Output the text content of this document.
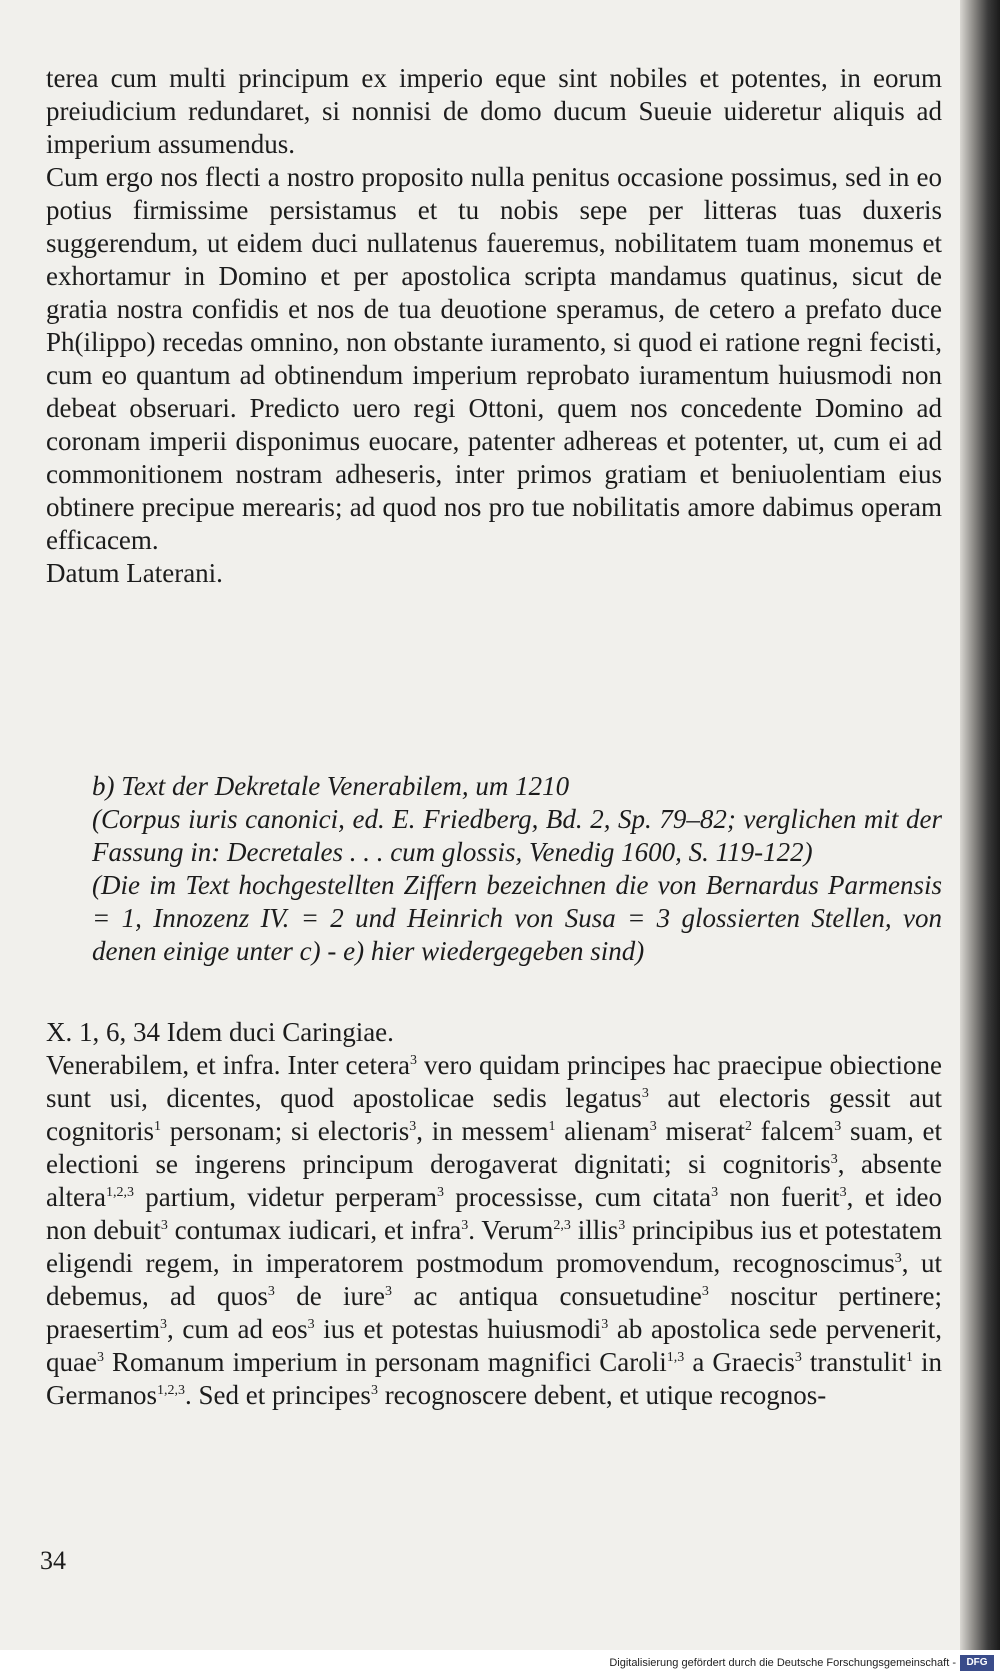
terea cum multi principum ex imperio eque sint nobiles et potentes, in eorum preiudicium redundaret, si nonnisi de domo ducum Sueuie uideretur aliquis ad imperium assumendus.

Cum ergo nos flecti a nostro proposito nulla penitus occasione possimus, sed in eo potius firmissime persistamus et tu nobis sepe per litteras tuas duxeris suggerendum, ut eidem duci nullatenus faueremus, nobilitatem tuam monemus et exhortamur in Domino et per apostolica scripta mandamus quatinus, sicut de gratia nostra confidis et nos de tua deuotione speramus, de cetero a prefato duce Ph(ilippo) recedas omnino, non obstante iuramento, si quod ei ratione regni fecisti, cum eo quantum ad obtinendum imperium reprobato iuramentum huiusmodi non debeat obseruari. Predicto uero regi Ottoni, quem nos concedente Domino ad coronam imperii disponimus euocare, patenter adhereas et potenter, ut, cum ei ad commonitionem nostram adheseris, inter primos gratiam et beniuolentiam eius obtinere precipue merearis; ad quod nos pro tue nobilitatis amore dabimus operam efficacem.

Datum Laterani.

b) Text der Dekretale Venerabilem, um 1210

(Corpus iuris canonici, ed. E. Friedberg, Bd. 2, Sp. 79–82; verglichen mit der Fassung in: Decretales . . . cum glossis, Venedig 1600, S. 119-122)

(Die im Text hochgestellten Ziffern bezeichnen die von Bernardus Parmensis = 1, Innozenz IV. = 2 und Heinrich von Susa = 3 glossierten Stellen, von denen einige unter c) - e) hier wiedergegeben sind)

X. 1, 6, 34 Idem duci Caringiae.

Venerabilem, et infra. Inter cetera$^3$ vero quidam principes hac praecipue obiectione sunt usi, dicentes, quod apostolicae sedis legatus$^3$ aut electoris gessit aut cognitoris$^1$ personam; si electoris$^3$, in messem$^1$ alienam$^3$ miserat$^2$ falcem$^3$ suam, et electioni se ingerens principum derogaverat dignitati; si cognitoris$^3$, absente altera$^{1,2,3}$ partium, videtur perperam$^3$ processisse, cum citata$^3$ non fuerit$^3$, et ideo non debuit$^3$ contumax iudicari, et infra$^3$. Verum$^{2,3}$ illis$^3$ principibus ius et potestatem eligendi regem, in imperatorem postmodum promovendum, recognoscimus$^3$, ut debemus, ad quos$^3$ de iure$^3$ ac antiqua consuetudine$^3$ noscitur pertinere; praesertim$^3$, cum ad eos$^3$ ius et potestas huiusmodi$^3$ ab apostolica sede pervenerit, quae$^3$ Romanum imperium in personam magnifici Caroli$^{1,3}$ a Graecis$^3$ transtulit$^1$ in Germanos$^{1,2,3}$. Sed et principes$^3$ recognoscere debent, et utique recognos-

34
Digitalisierung gefördert durch die Deutsche Forschungsgemeinschaft -	DFG
